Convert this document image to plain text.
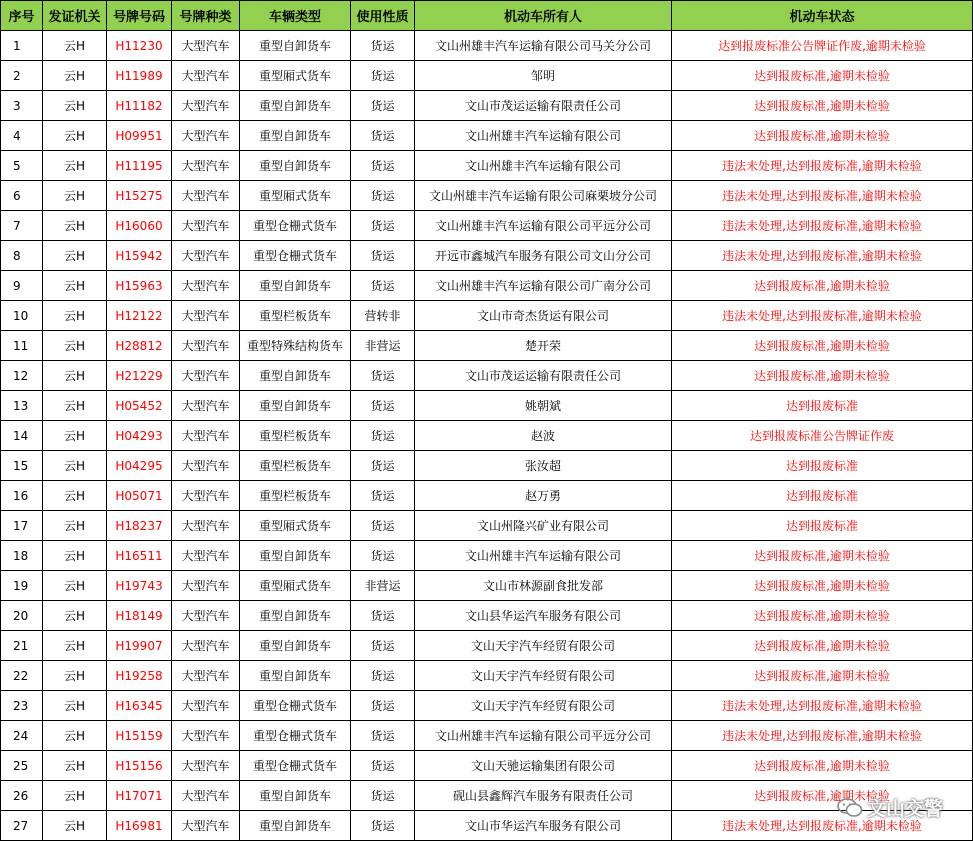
序号	发证机关	号牌号码	号牌种类	车辆类型	使用性质	机动车所有人	机动车状态
1	云H	H11230	大型汽车	重型自卸货车	货运	文山州雄丰汽车运输有限公司马关分公司	达到报废标准公告牌证作废,逾期未检验
2	云H	H11989	大型汽车	重型厢式货车	货运	邹明	达到报废标准,逾期未检验
3	云H	H11182	大型汽车	重型自卸货车	货运	文山市茂运运输有限责任公司	达到报废标准,逾期未检验
4	云H	H09951	大型汽车	重型自卸货车	货运	文山州雄丰汽车运输有限公司	达到报废标准,逾期未检验
5	云H	H11195	大型汽车	重型自卸货车	货运	文山州雄丰汽车运输有限公司	违法未处理,达到报废标准,逾期未检验
6	云H	H15275	大型汽车	重型厢式货车	货运	文山州雄丰汽车运输有限公司麻栗坡分公司	违法未处理,达到报废标准,逾期未检验
7	云H	H16060	大型汽车	重型仓栅式货车	货运	文山州雄丰汽车运输有限公司平远分公司	违法未处理,达到报废标准,逾期未检验
8	云H	H15942	大型汽车	重型仓栅式货车	货运	开远市鑫城汽车服务有限公司文山分公司	违法未处理,达到报废标准,逾期未检验
9	云H	H15963	大型汽车	重型自卸货车	货运	文山州雄丰汽车运输有限公司广南分公司	达到报废标准,逾期未检验
10	云H	H12122	大型汽车	重型栏板货车	营转非	文山市奇杰货运有限公司	违法未处理,达到报废标准,逾期未检验
11	云H	H28812	大型汽车	重型特殊结构货车	非营运	楚开荣	达到报废标准,逾期未检验
12	云H	H21229	大型汽车	重型自卸货车	货运	文山市茂运运输有限责任公司	达到报废标准,逾期未检验
13	云H	H05452	大型汽车	重型自卸货车	货运	姚朝斌	达到报废标准
14	云H	H04293	大型汽车	重型栏板货车	货运	赵波	达到报废标准公告牌证作废
15	云H	H04295	大型汽车	重型栏板货车	货运	张汝超	达到报废标准
16	云H	H05071	大型汽车	重型栏板货车	货运	赵万勇	达到报废标准
17	云H	H18237	大型汽车	重型厢式货车	货运	文山州隆兴矿业有限公司	达到报废标准
18	云H	H16511	大型汽车	重型自卸货车	货运	文山州雄丰汽车运输有限公司	达到报废标准,逾期未检验
19	云H	H19743	大型汽车	重型厢式货车	非营运	文山市林源副食批发部	达到报废标准,逾期未检验
20	云H	H18149	大型汽车	重型自卸货车	货运	文山县华运汽车服务有限公司	达到报废标准,逾期未检验
21	云H	H19907	大型汽车	重型自卸货车	货运	文山天宇汽车经贸有限公司	达到报废标准,逾期未检验
22	云H	H19258	大型汽车	重型自卸货车	货运	文山天宇汽车经贸有限公司	达到报废标准,逾期未检验
23	云H	H16345	大型汽车	重型仓栅式货车	货运	文山天宇汽车经贸有限公司	违法未处理,达到报废标准,逾期未检验
24	云H	H15159	大型汽车	重型仓栅式货车	货运	文山州雄丰汽车运输有限公司平远分公司	违法未处理,达到报废标准,逾期未检验
25	云H	H15156	大型汽车	重型仓栅式货车	货运	文山天驰运输集团有限公司	达到报废标准,逾期未检验
26	云H	H17071	大型汽车	重型自卸货车	货运	砚山县鑫辉汽车服务有限责任公司	达到报废标准,逾期未检验
27	云H	H16981	大型汽车	重型自卸货车	货运	文山市华运汽车服务有限公司	违法未处理,达到报废标准,逾期未检验
文山交警
